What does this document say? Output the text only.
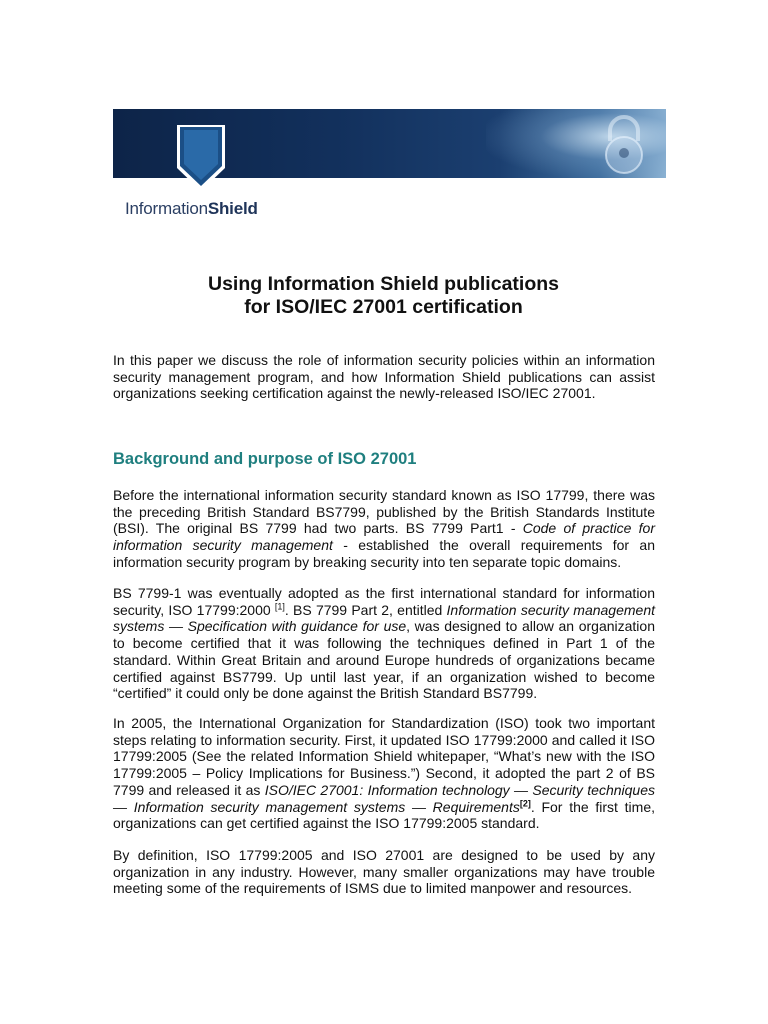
InformationShield
Using Information Shield publications
for ISO/IEC 27001 certification

In this paper we discuss the role of information security policies within an information security management program, and how Information Shield publications can assist organizations seeking certification against the newly-released ISO/IEC 27001.

Background and purpose of ISO 27001

Before the international information security standard known as ISO 17799, there was the preceding British Standard BS7799, published by the British Standards Institute (BSI). The original BS 7799 had two parts. BS 7799 Part1 - Code of practice for information security management - established the overall requirements for an information security program by breaking security into ten separate topic domains.

BS 7799-1 was eventually adopted as the first international standard for information security, ISO 17799:2000 [1]. BS 7799 Part 2, entitled Information security management systems — Specification with guidance for use, was designed to allow an organization to become certified that it was following the techniques defined in Part 1 of the standard. Within Great Britain and around Europe hundreds of organizations became certified against BS7799. Up until last year, if an organization wished to become “certified” it could only be done against the British Standard BS7799.

In 2005, the International Organization for Standardization (ISO) took two important steps relating to information security. First, it updated ISO 17799:2000 and called it ISO 17799:2005 (See the related Information Shield whitepaper, “What’s new with the ISO 17799:2005 – Policy Implications for Business.”) Second, it adopted the part 2 of BS 7799 and released it as ISO/IEC 27001: Information technology — Security techniques — Information security management systems — Requirements[2]. For the first time, organizations can get certified against the ISO 17799:2005 standard.

By definition, ISO 17799:2005 and ISO 27001 are designed to be used by any organization in any industry. However, many smaller organizations may have trouble meeting some of the requirements of ISMS due to limited manpower and resources.
